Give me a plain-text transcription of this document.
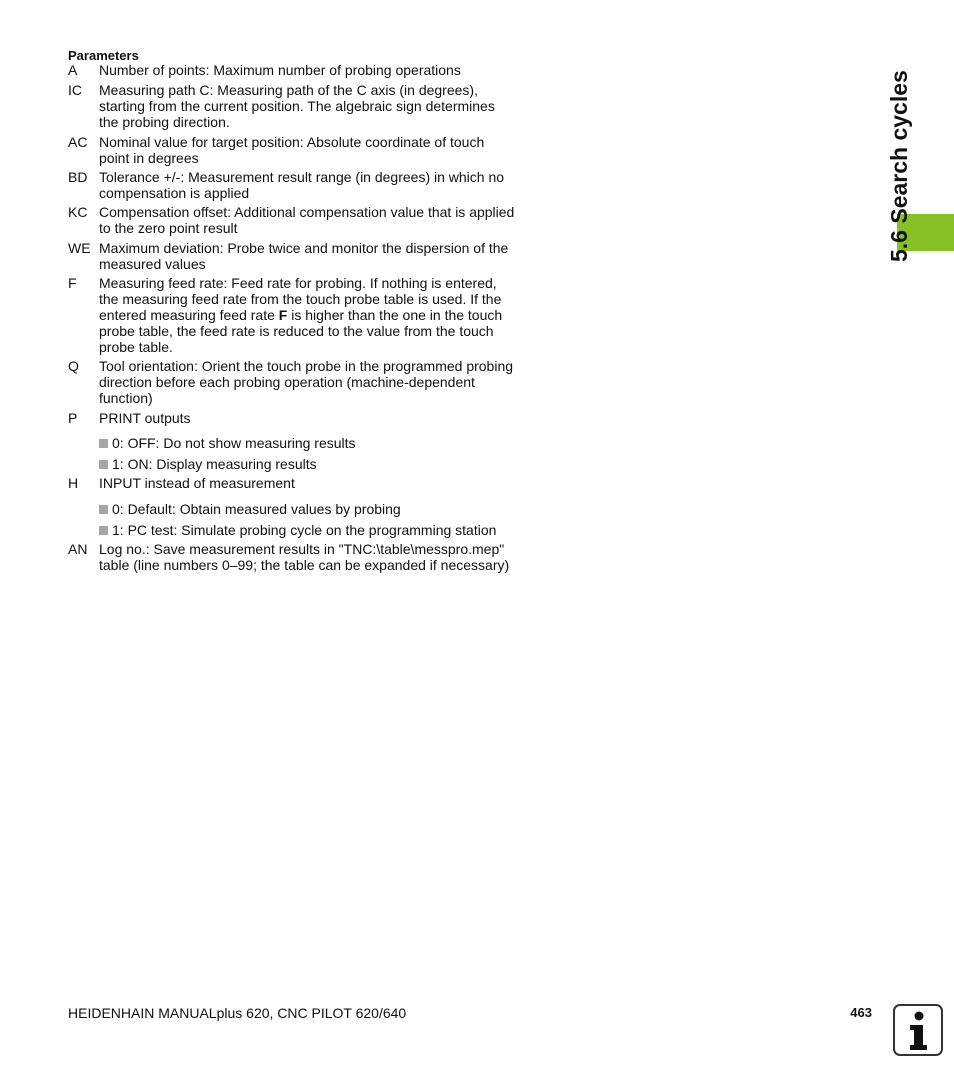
5.6 Search cycles
Parameters
A	Number of points: Maximum number of probing operations
IC	Measuring path C: Measuring path of the C axis (in degrees), starting from the current position. The algebraic sign determines the probing direction.
AC Nominal value for target position: Absolute coordinate of touch point in degrees
BD Tolerance +/-: Measurement result range (in degrees) in which no compensation is applied
KC Compensation offset: Additional compensation value that is applied to the zero point result
WE Maximum deviation: Probe twice and monitor the dispersion of the measured values
F	Measuring feed rate: Feed rate for probing. If nothing is entered, the measuring feed rate from the touch probe table is used. If the entered measuring feed rate F is higher than the one in the touch probe table, the feed rate is reduced to the value from the touch probe table.
Q	Tool orientation: Orient the touch probe in the programmed probing direction before each probing operation (machine-dependent function)
P	PRINT outputs
0: OFF: Do not show measuring results
1: ON: Display measuring results
H	INPUT instead of measurement
0: Default: Obtain measured values by probing
1: PC test: Simulate probing cycle on the programming station
AN Log no.: Save measurement results in "TNC:\table\messpro.mep" table (line numbers 0–99; the table can be expanded if necessary)
HEIDENHAIN MANUALplus 620, CNC PILOT 620/640	463
